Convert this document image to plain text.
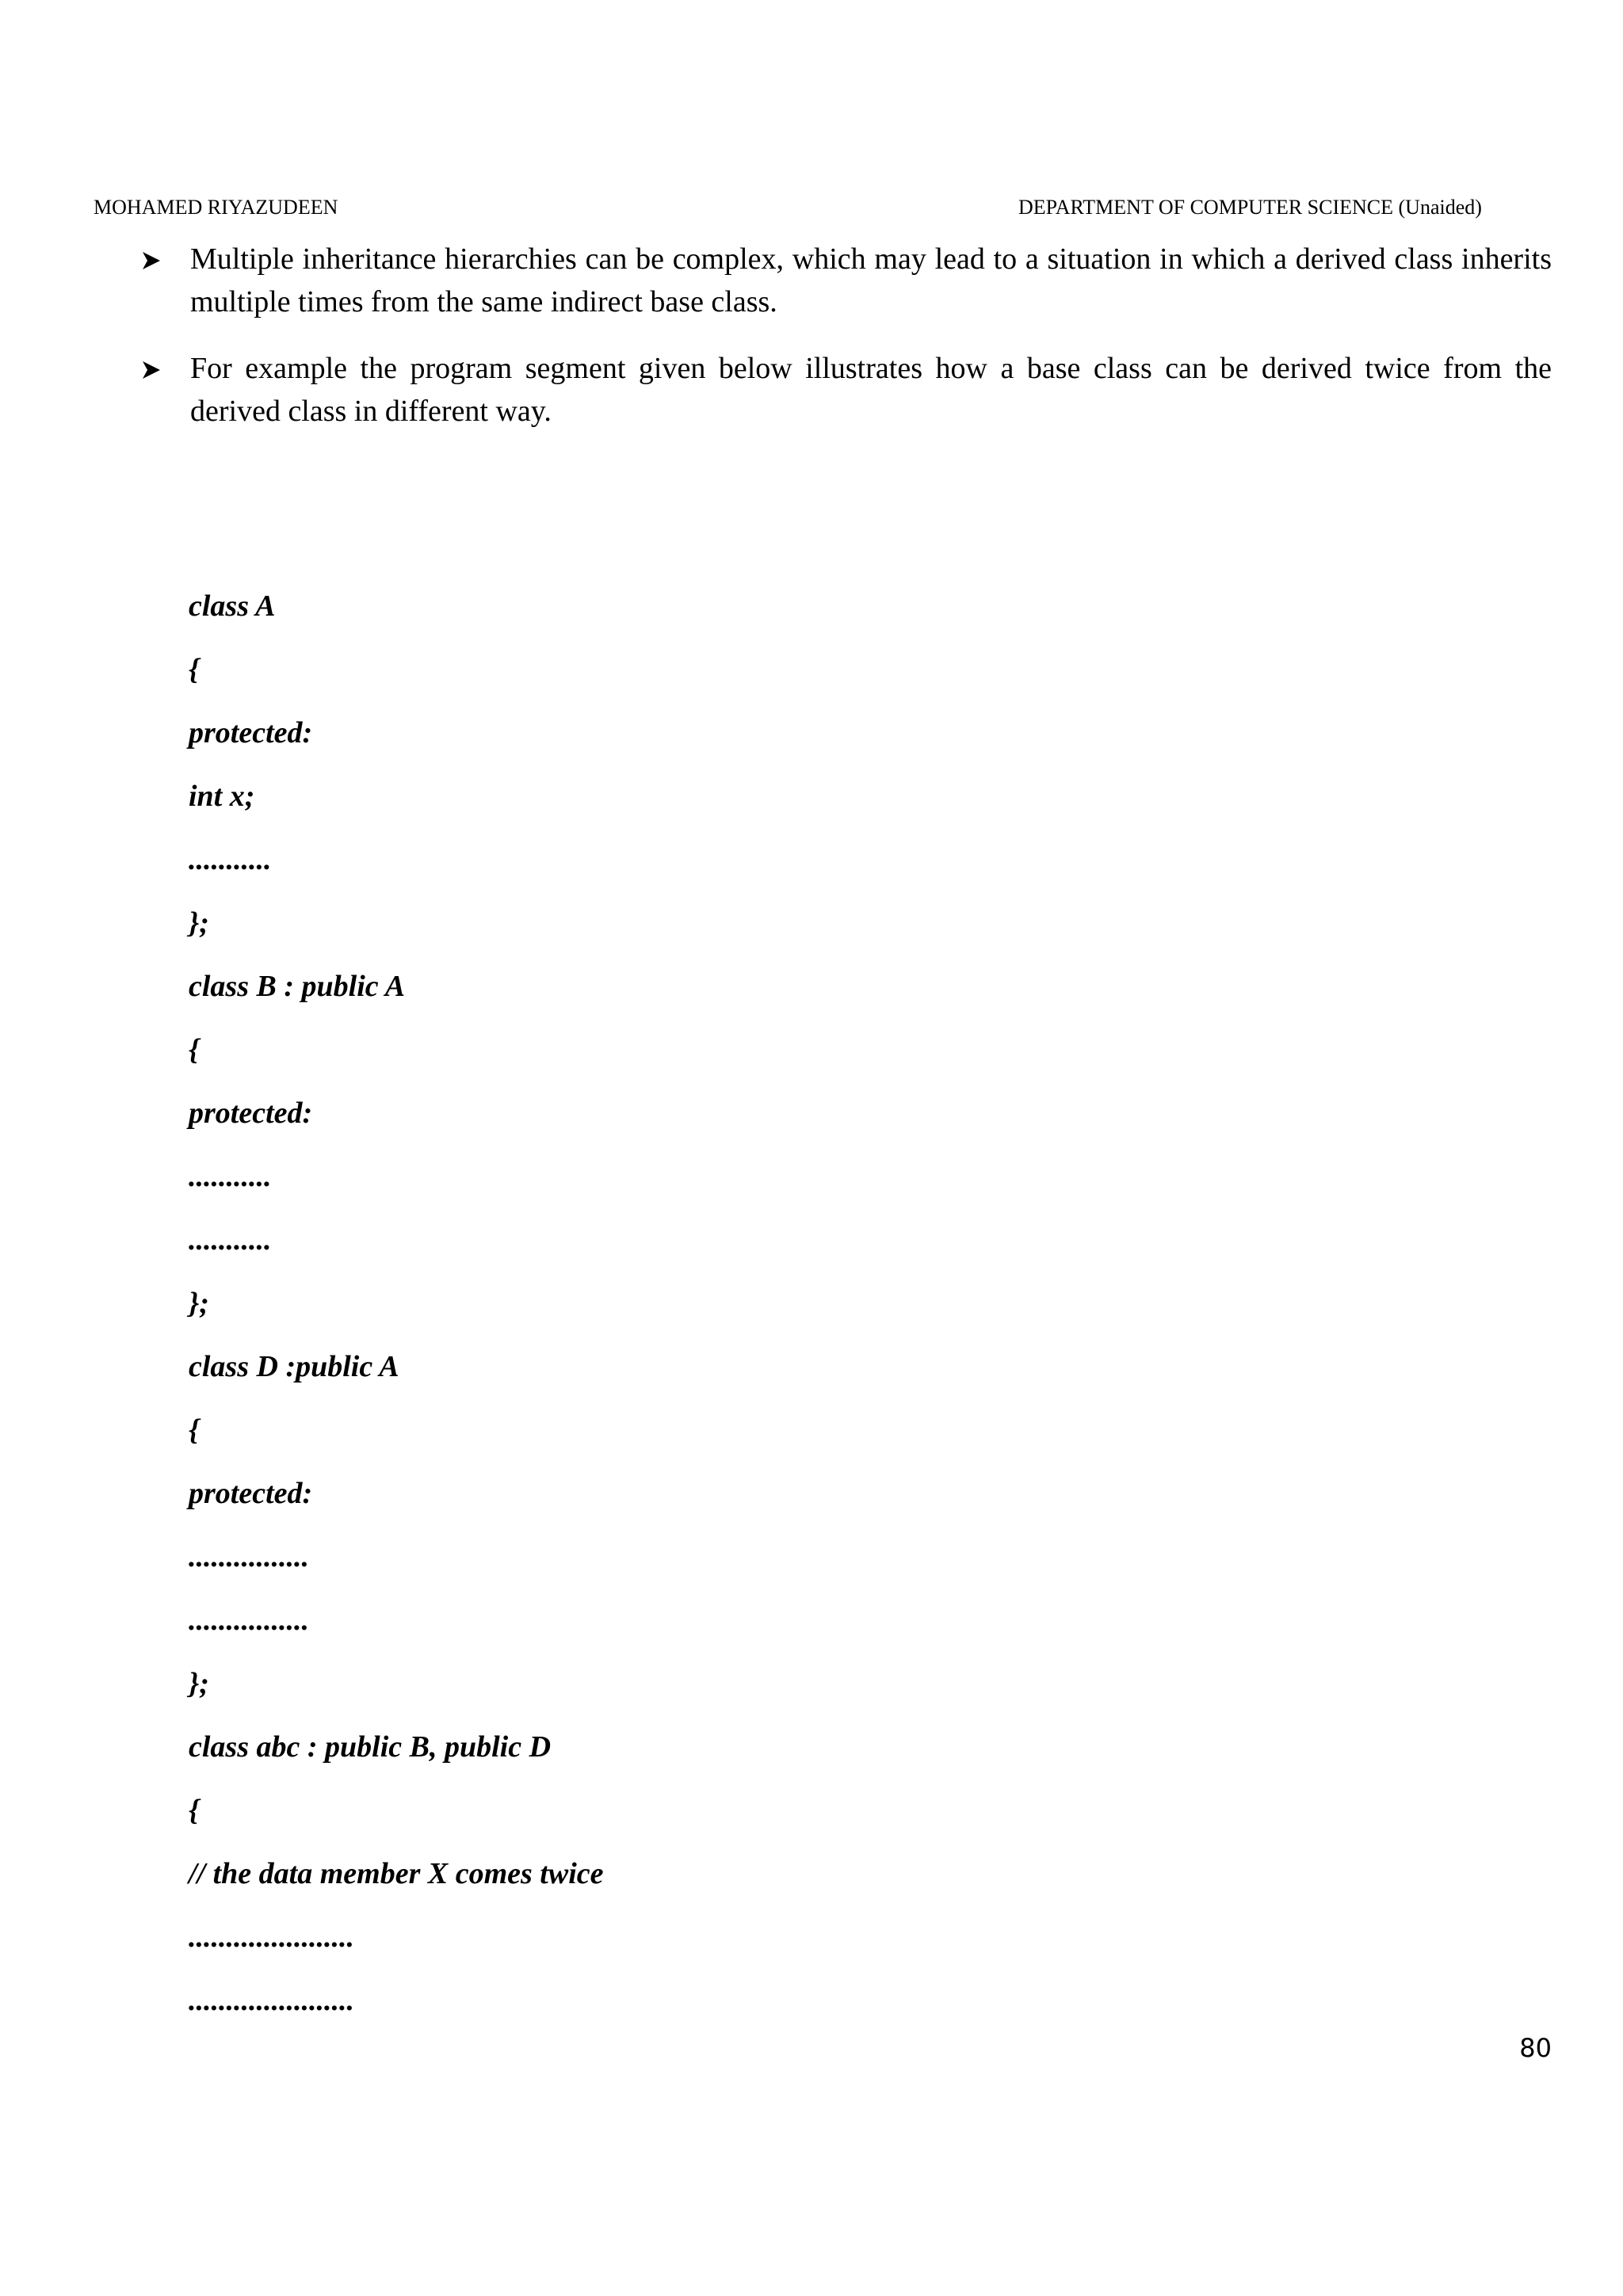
MOHAMED RIYAZUDEEN	DEPARTMENT OF COMPUTER SCIENCE (Unaided)
Multiple inheritance hierarchies can be complex, which may lead to a situation in which a derived class inherits multiple times from the same indirect base class.
For example the program segment given below illustrates how a base class can be derived twice from the derived class in different way.
class A
{
protected:
int x;
...........
};
class B : public A
{
protected:
...........
...........
};
class D :public A
{
protected:
................
................
};
class abc : public B, public D
{
// the data member X comes twice
......................
......................
80
